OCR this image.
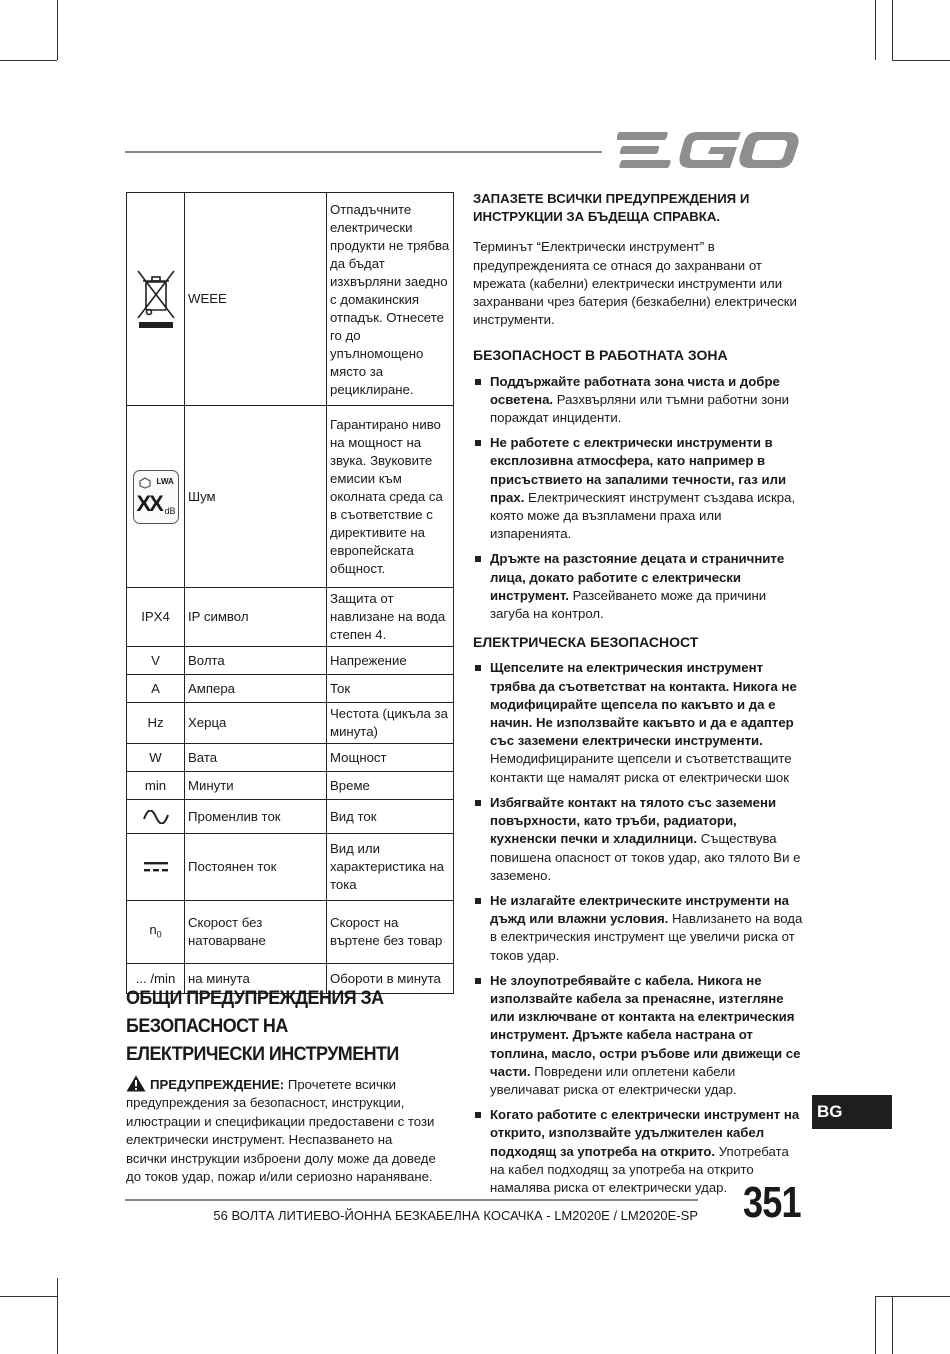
	WEEE	Отпадъчните електрически продукти не трябва да бъдат изхвърляни заедно с домакинския отпадък. Отнесете го до упълномощено място за рециклиране.

LWA
XX dB	Шум	Гарантирано ниво на мощност на звука. Звуковите емисии към околната среда са в съответствие с директивите на европейската общност.
IPX4	IP символ	Защита от навлизане на вода степен 4.
V	Волта	Напрежение
A	Ампера	Ток
Hz	Херца	Честота (цикъла за минута)
W	Вата	Мощност
min	Минути	Време

	Променлив ток	Вид ток

	Постоянен ток	Вид или характеристика на тока
$n_0$	Скорост без натоварване	Скорост на въртене без товар
... /min	на минута	Обороти в минута
ОБЩИ ПРЕДУПРЕЖДЕНИЯ ЗА БЕЗОПАСНОСТ НА ЕЛЕКТРИЧЕСКИ ИНСТРУМЕНТИ
ПРЕДУПРЕЖДЕНИЕ: Прочетете всички предупреждения за безопасност, инструкции, илюстрации и спецификации предоставени с този електрически инструмент. Неспазването на всички инструкции изброени долу може да доведе до токов удар, пожар и/или сериозно нараняване.
ЗАПАЗЕТЕ ВСИЧКИ ПРЕДУПРЕЖДЕНИЯ И ИНСТРУКЦИИ ЗА БЪДЕЩА СПРАВКА.
Терминът “Електрически инструмент” в предупрежденията се отнася до захранвани от мрежата (кабелни) електрически инструменти или захранвани чрез батерия (безкабелни) електрически инструменти.
БЕЗОПАСНОСТ В РАБОТНАТА ЗОНА
Поддържайте работната зона чиста и добре осветена. Разхвърляни или тъмни работни зони пораждат инциденти.
Не работете с електрически инструменти в експлозивна атмосфера, като например в присъствието на запалими течности, газ или прах. Електрическият инструмент създава искра, която може да възпламени праха или изпаренията.
Дръжте на разстояние децата и страничните лица, докато работите с електрически инструмент. Разсейването може да причини загуба на контрол.
ЕЛЕКТРИЧЕСКА БЕЗОПАСНОСТ
Щепселите на електрическия инструмент трябва да съответстват на контакта. Никога не модифицирайте щепсела по какъвто и да е начин. Не използвайте какъвто и да е адаптер със заземени електрически инструменти. Немодифицираните щепсели и съответстващите контакти ще намалят риска от електрически шок
Избягвайте контакт на тялото със заземени повърхности, като тръби, радиатори, кухненски печки и хладилници. Съществува повишена опасност от токов удар, ако тялото Ви е заземено.
Не излагайте електрическите инструменти на дъжд или влажни условия. Навлизането на вода в електрическия инструмент ще увеличи риска от токов удар.
Не злоупотребявайте с кабела. Никога не използвайте кабела за пренасяне, изтегляне или изключване от контакта на електрическия инструмент. Дръжте кабела настрана от топлина, масло, остри ръбове или движещи се части. Повредени или оплетени кабели увеличават риска от електрически удар.
Когато работите с електрически инструмент на открито, използвайте удължителен кабел подходящ за употреба на открито. Употребата на кабел подходящ за употреба на открито намалява риска от електрически удар.
BG
56 ВОЛТА ЛИТИЕВО-ЙОННА БЕЗКАБЕЛНА КОСАЧКА - LM2020E / LM2020E-SP 351
